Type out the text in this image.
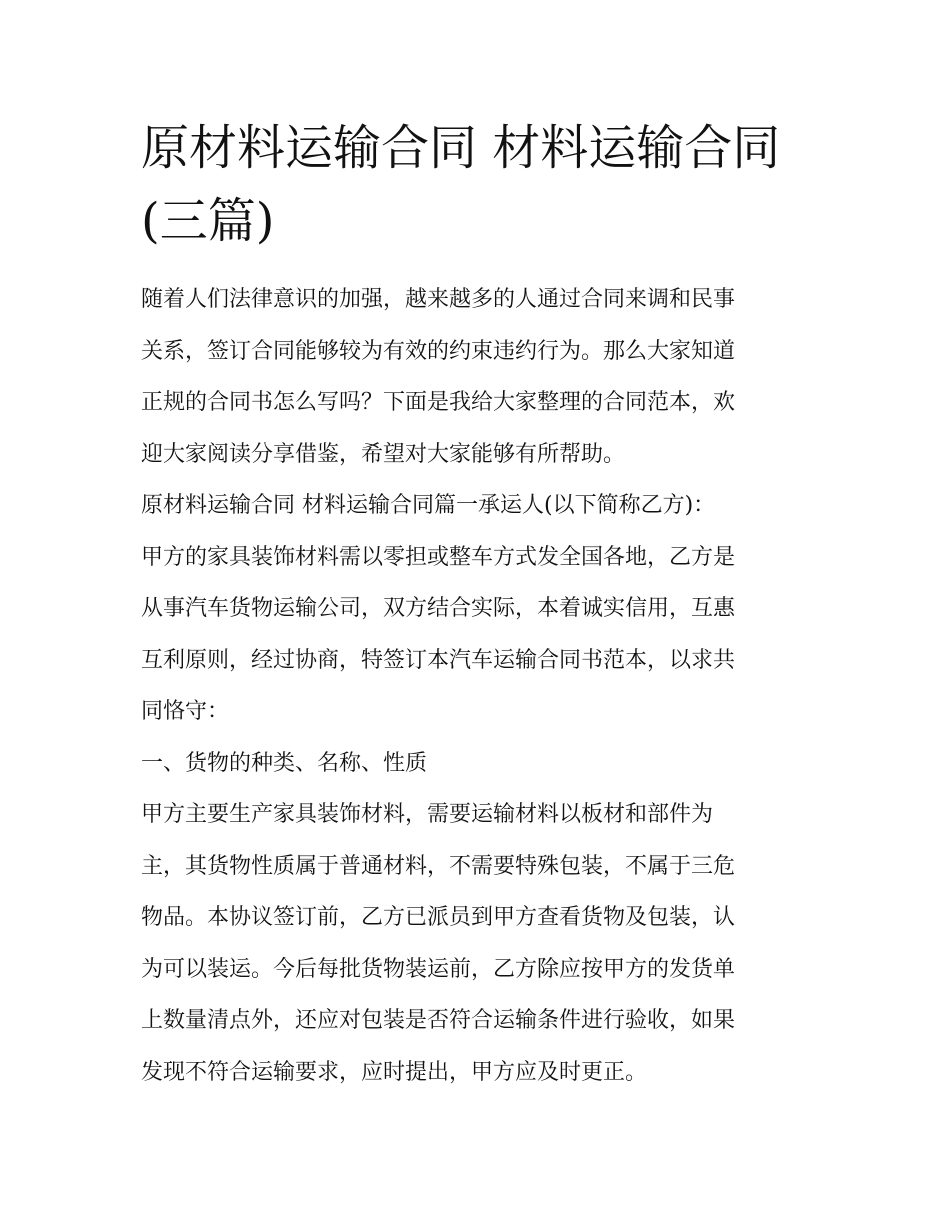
原材料运输合同 材料运输合同
(三篇)

随着人们法律意识的加强，越来越多的人通过合同来调和民事
关系，签订合同能够较为有效的约束违约行为。那么大家知道
正规的合同书怎么写吗？下面是我给大家整理的合同范本，欢
迎大家阅读分享借鉴，希望对大家能够有所帮助。

原材料运输合同 材料运输合同篇一承运人(以下简称乙方)：

甲方的家具装饰材料需以零担或整车方式发全国各地，乙方是
从事汽车货物运输公司，双方结合实际，本着诚实信用，互惠
互利原则，经过协商，特签订本汽车运输合同书范本，以求共
同恪守：

一、货物的种类、名称、性质

甲方主要生产家具装饰材料，需要运输材料以板材和部件为
主，其货物性质属于普通材料，不需要特殊包装，不属于三危
物品。本协议签订前，乙方已派员到甲方查看货物及包装，认
为可以装运。今后每批货物装运前，乙方除应按甲方的发货单
上数量清点外，还应对包装是否符合运输条件进行验收，如果
发现不符合运输要求，应时提出，甲方应及时更正。
